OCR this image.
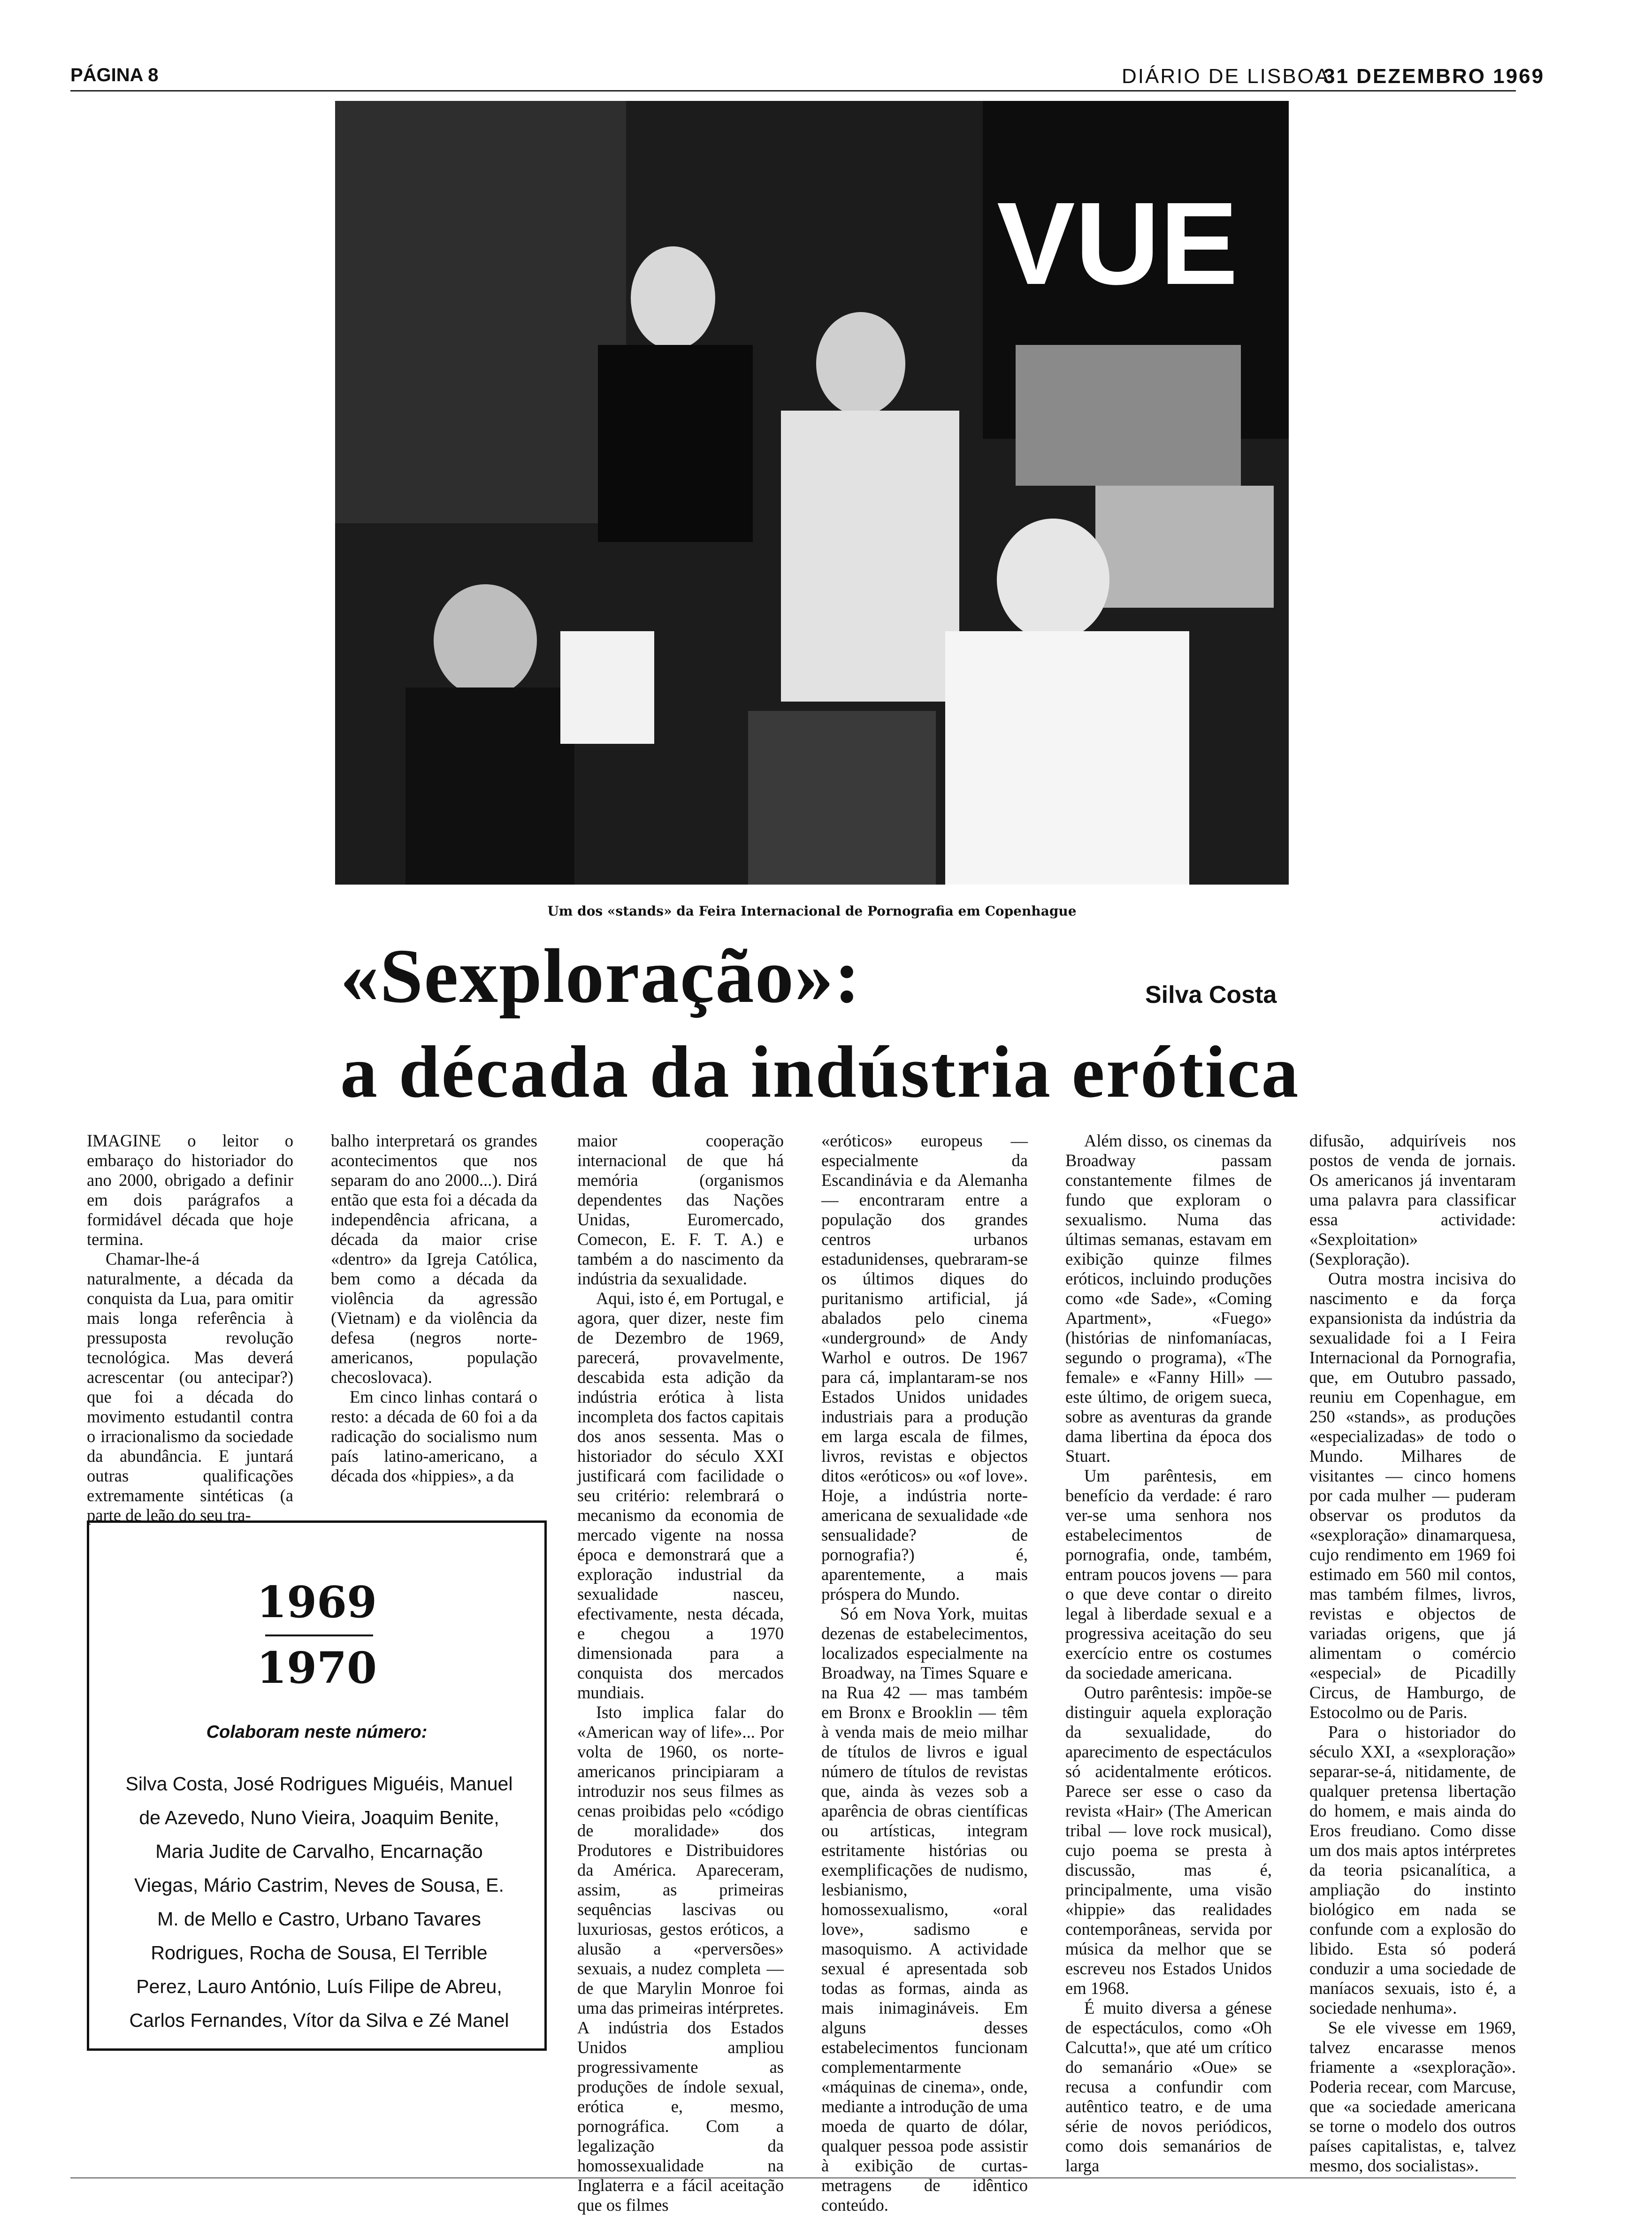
PÁGINA 8	DIÁRIO DE LISBOA
31 DEZEMBRO 1969
VUE
Um dos «stands» da Feira Internacional de Pornografia em Copenhague
«Sexploração»:	Silva Costa
a década da indústria erótica

IMAGINE o leitor o embaraço do historiador do ano 2000, obrigado a definir em dois parágrafos a formidável década que hoje termina.

Chamar-lhe-á naturalmente, a década da conquista da Lua, para omitir mais longa referência à pressuposta revolução tecnológica. Mas deverá acrescentar (ou antecipar?) que foi a década do movimento estudantil contra o irracionalismo da sociedade da abundância. E juntará outras qualificações extremamente sintéticas (a parte de leão do seu tra-

balho interpretará os grandes acontecimentos que nos separam do ano 2000...). Dirá então que esta foi a década da independência africana, a década da maior crise «dentro» da Igreja Católica, bem como a década da violência da agressão (Vietnam) e da violência da defesa (negros norte-americanos, população checoslovaca).

Em cinco linhas contará o resto: a década de 60 foi a da radicação do socialismo num país latino-americano, a década dos «hippies», a da

maior cooperação internacional de que há memória (organismos dependentes das Nações Unidas, Euromercado, Comecon, E. F. T. A.) e também a do nascimento da indústria da sexualidade.

Aqui, isto é, em Portugal, e agora, quer dizer, neste fim de Dezembro de 1969, parecerá, provavelmente, descabida esta adição da indústria erótica à lista incompleta dos factos capitais dos anos sessenta. Mas o historiador do século XXI justificará com facilidade o seu critério: relembrará o mecanismo da economia de mercado vigente na nossa época e demonstrará que a exploração industrial da sexualidade nasceu, efectivamente, nesta década, e chegou a 1970 dimensionada para a conquista dos mercados mundiais.

Isto implica falar do «American way of life»... Por volta de 1960, os norte-americanos principiaram a introduzir nos seus filmes as cenas proibidas pelo «código de moralidade» dos Produtores e Distribuidores da América. Apareceram, assim, as primeiras sequências lascivas ou luxuriosas, gestos eróticos, a alusão a «perversões» sexuais, a nudez completa — de que Marylin Monroe foi uma das primeiras intérpretes. A indústria dos Estados Unidos ampliou progressivamente as produções de índole sexual, erótica e, mesmo, pornográfica. Com a legalização da homossexualidade na Inglaterra e a fácil aceitação que os filmes

«eróticos» europeus — especialmente da Escandinávia e da Alemanha — encontraram entre a população dos grandes centros urbanos estadunidenses, quebraram-se os últimos diques do puritanismo artificial, já abalados pelo cinema «underground» de Andy Warhol e outros. De 1967 para cá, implantaram-se nos Estados Unidos unidades industriais para a produção em larga escala de filmes, livros, revistas e objectos ditos «eróticos» ou «of love». Hoje, a indústria norte-americana de sexualidade «de sensualidade? de pornografia?) é, aparentemente, a mais próspera do Mundo.

Só em Nova York, muitas dezenas de estabelecimentos, localizados especialmente na Broadway, na Times Square e na Rua 42 — mas também em Bronx e Brooklin — têm à venda mais de meio milhar de títulos de livros e igual número de títulos de revistas que, ainda às vezes sob a aparência de obras científicas ou artísticas, integram estritamente histórias ou exemplificações de nudismo, lesbianismo, homossexualismo, «oral love», sadismo e masoquismo. A actividade sexual é apresentada sob todas as formas, ainda as mais inimagináveis. Em alguns desses estabelecimentos funcionam complementarmente «máquinas de cinema», onde, mediante a introdução de uma moeda de quarto de dólar, qualquer pessoa pode assistir à exibição de curtas-metragens de idêntico conteúdo.

Além disso, os cinemas da Broadway passam constantemente filmes de fundo que exploram o sexualismo. Numa das últimas semanas, estavam em exibição quinze filmes eróticos, incluindo produções como «de Sade», «Coming Apartment», «Fuego» (histórias de ninfomaníacas, segundo o programa), «The female» e «Fanny Hill» — este último, de origem sueca, sobre as aventuras da grande dama libertina da época dos Stuart.

Um parêntesis, em benefício da verdade: é raro ver-se uma senhora nos estabelecimentos de pornografia, onde, também, entram poucos jovens — para o que deve contar o direito legal à liberdade sexual e a progressiva aceitação do seu exercício entre os costumes da sociedade americana.

Outro parêntesis: impõe-se distinguir aquela exploração da sexualidade, do aparecimento de espectáculos só acidentalmente eróticos. Parece ser esse o caso da revista «Hair» (The American tribal — love rock musical), cujo poema se presta à discussão, mas é, principalmente, uma visão «hippie» das realidades contemporâneas, servida por música da melhor que se escreveu nos Estados Unidos em 1968.

É muito diversa a génese de espectáculos, como «Oh Calcutta!», que até um crítico do semanário «Oue» se recusa a confundir com autêntico teatro, e de uma série de novos periódicos, como dois semanários de larga

difusão, adquiríveis nos postos de venda de jornais. Os americanos já inventaram uma palavra para classificar essa actividade: «Sexploitation» (Sexploração).

Outra mostra incisiva do nascimento e da força expansionista da indústria da sexualidade foi a I Feira Internacional da Pornografia, que, em Outubro passado, reuniu em Copenhague, em 250 «stands», as produções «especializadas» de todo o Mundo. Milhares de visitantes — cinco homens por cada mulher — puderam observar os produtos da «sexploração» dinamarquesa, cujo rendimento em 1969 foi estimado em 560 mil contos, mas também filmes, livros, revistas e objectos de variadas origens, que já alimentam o comércio «especial» de Picadilly Circus, de Hamburgo, de Estocolmo ou de Paris.

Para o historiador do século XXI, a «sexploração» separar-se-á, nitidamente, de qualquer pretensa libertação do homem, e mais ainda do Eros freudiano. Como disse um dos mais aptos intérpretes da teoria psicanalítica, a ampliação do instinto biológico em nada se confunde com a explosão do libido. Esta só poderá conduzir a uma sociedade de maníacos sexuais, isto é, a sociedade nenhuma».

Se ele vivesse em 1969, talvez encarasse menos friamente a «sexploração». Poderia recear, com Marcuse, que «a sociedade americana se torne o modelo dos outros países capitalistas, e, talvez mesmo, dos socialistas».

1969
1970
Colaboram neste número:
Silva Costa, José Rodrigues Miguéis, Manuel de Azevedo, Nuno Vieira, Joaquim Benite, Maria Judite de Carvalho, Encarnação Viegas, Mário Castrim, Neves de Sousa, E. M. de Mello e Castro, Urbano Tavares Rodrigues, Rocha de Sousa, El Terrible Perez, Lauro António, Luís Filipe de Abreu, Carlos Fernandes, Vítor da Silva e Zé Manel
